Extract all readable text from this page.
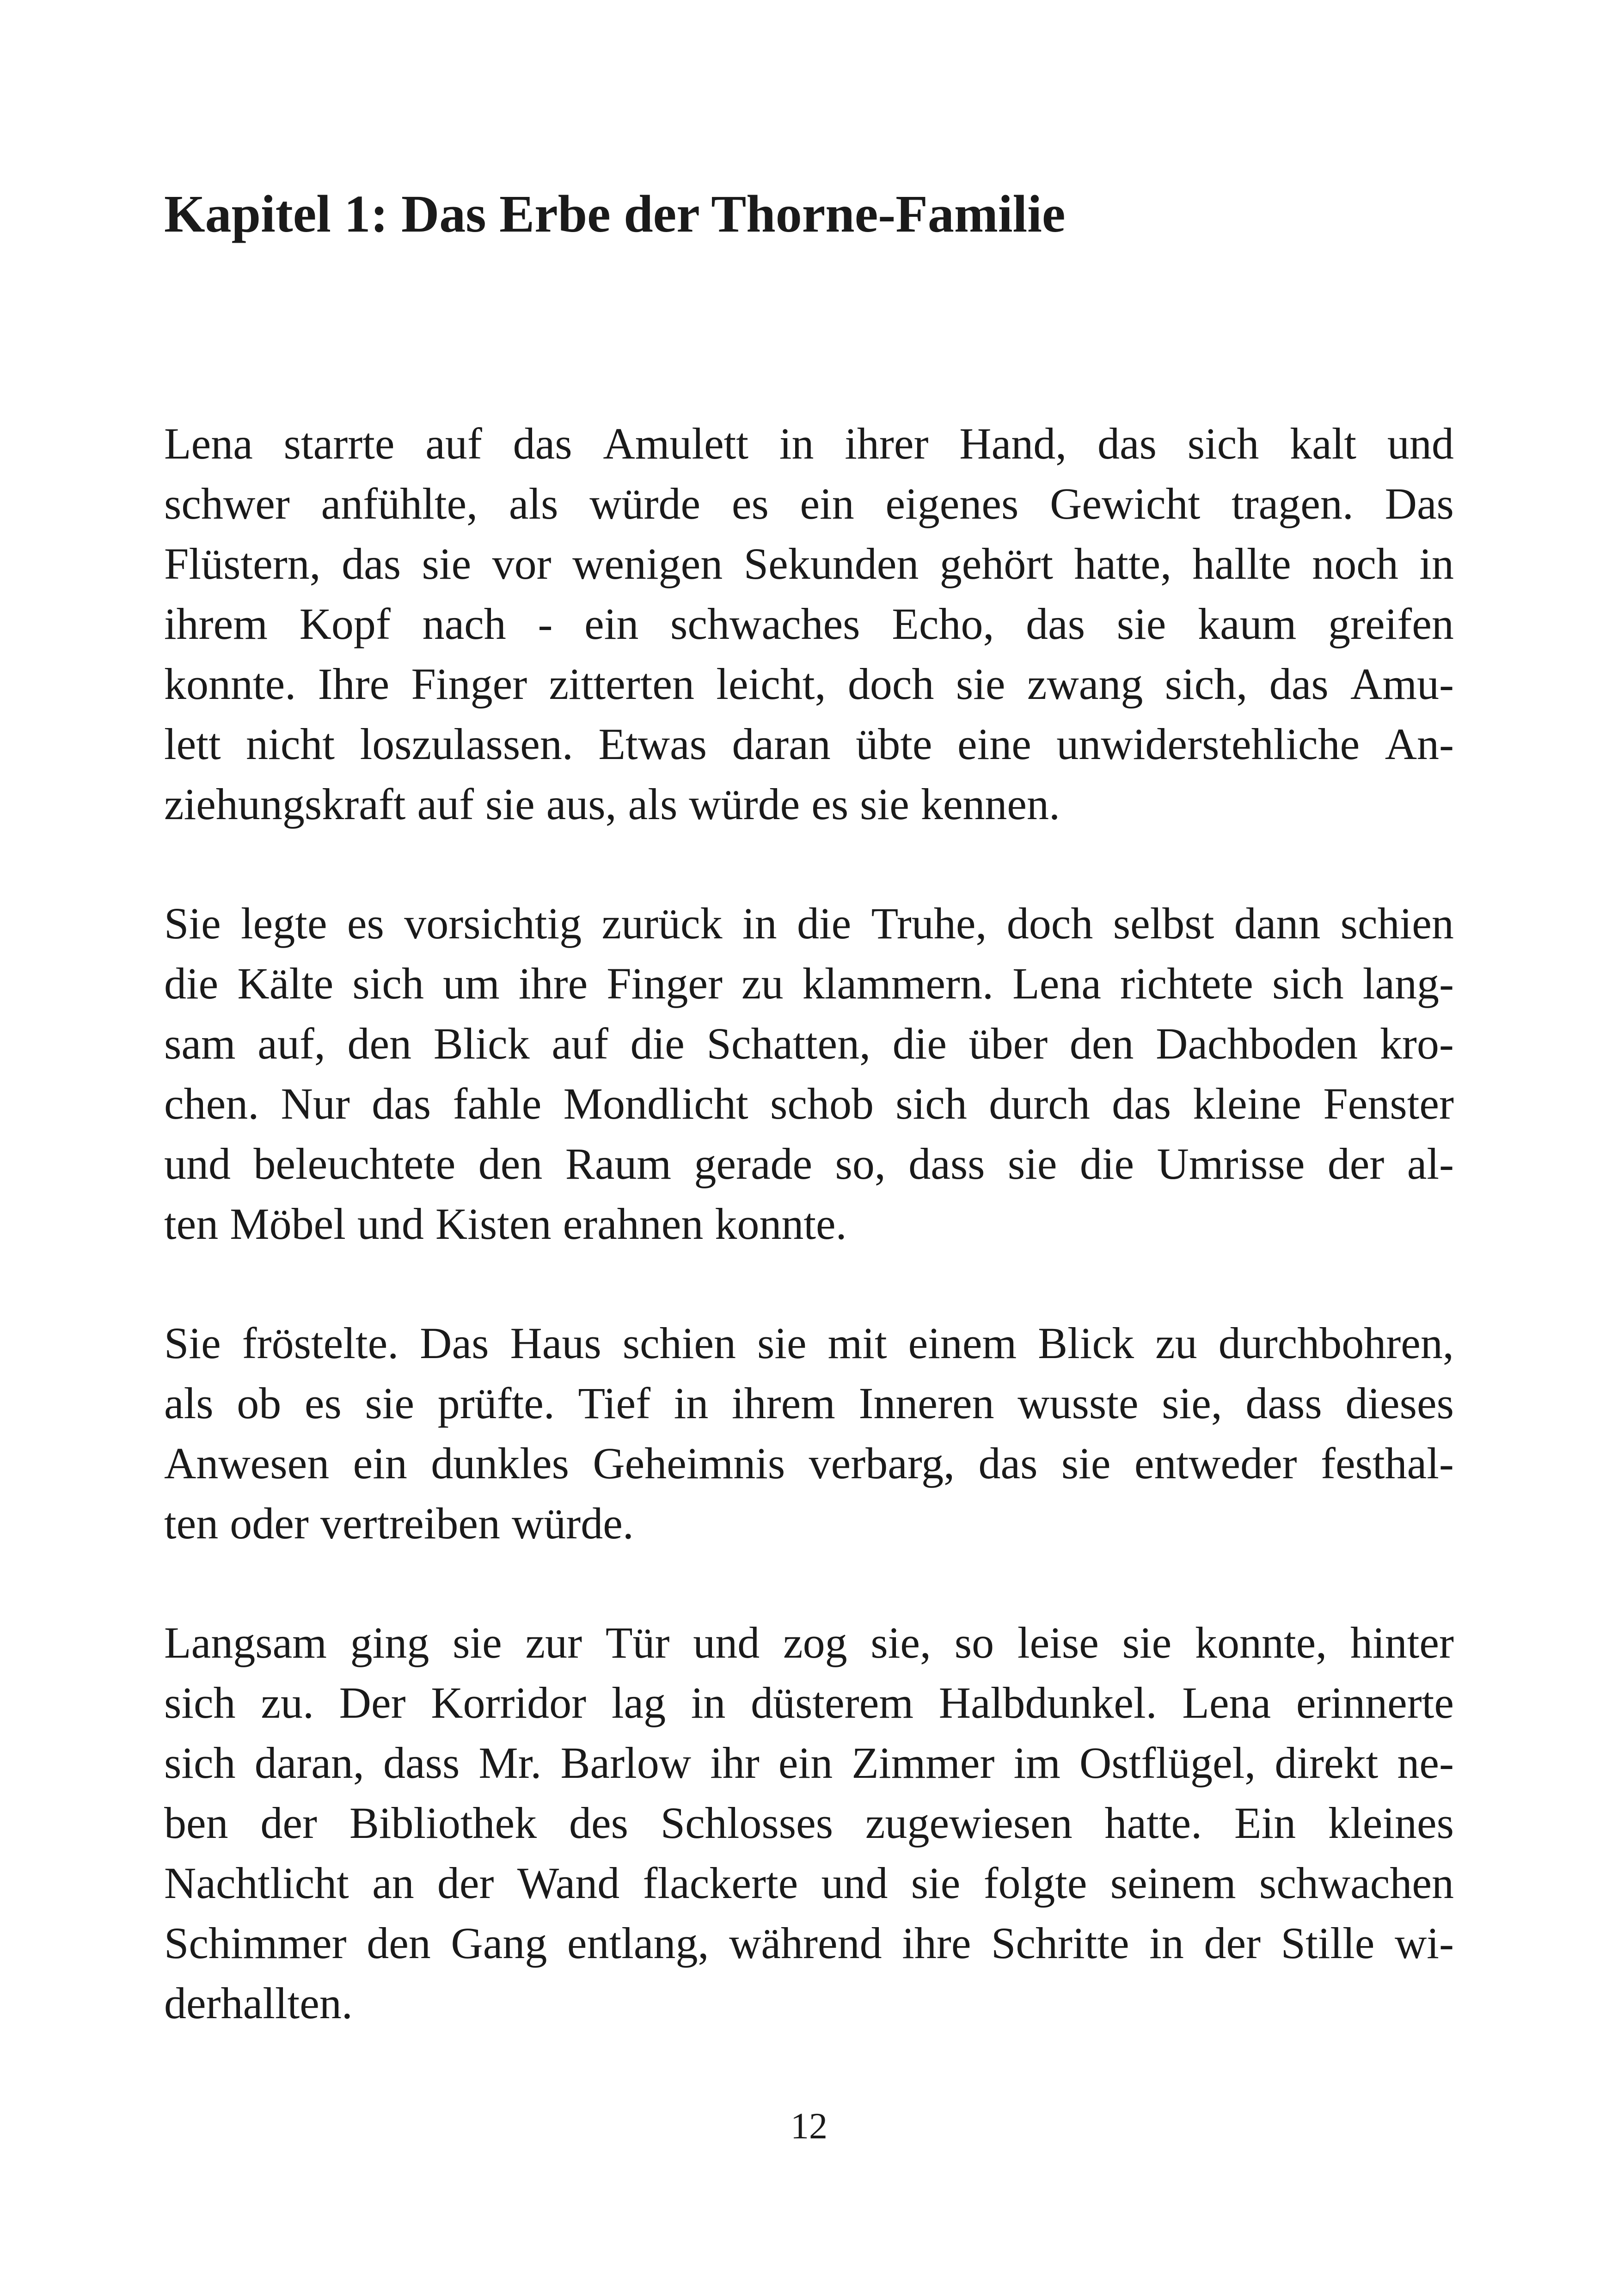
Kapitel 1: Das Erbe der Thorne-Familie
Lena starrte auf das Amulett in ihrer Hand, das sich kalt und
schwer anfühlte, als würde es ein eigenes Gewicht tragen. Das
Flüstern, das sie vor wenigen Sekunden gehört hatte, hallte noch in
ihrem Kopf nach - ein schwaches Echo, das sie kaum greifen
konnte. Ihre Finger zitterten leicht, doch sie zwang sich, das Amu-
lett nicht loszulassen. Etwas daran übte eine unwiderstehliche An-
ziehungskraft auf sie aus, als würde es sie kennen.
Sie legte es vorsichtig zurück in die Truhe, doch selbst dann schien
die Kälte sich um ihre Finger zu klammern. Lena richtete sich lang-
sam auf, den Blick auf die Schatten, die über den Dachboden kro-
chen. Nur das fahle Mondlicht schob sich durch das kleine Fenster
und beleuchtete den Raum gerade so, dass sie die Umrisse der al-
ten Möbel und Kisten erahnen konnte.
Sie fröstelte. Das Haus schien sie mit einem Blick zu durchbohren,
als ob es sie prüfte. Tief in ihrem Inneren wusste sie, dass dieses
Anwesen ein dunkles Geheimnis verbarg, das sie entweder festhal-
ten oder vertreiben würde.
Langsam ging sie zur Tür und zog sie, so leise sie konnte, hinter
sich zu. Der Korridor lag in düsterem Halbdunkel. Lena erinnerte
sich daran, dass Mr. Barlow ihr ein Zimmer im Ostflügel, direkt ne-
ben der Bibliothek des Schlosses zugewiesen hatte. Ein kleines
Nachtlicht an der Wand flackerte und sie folgte seinem schwachen
Schimmer den Gang entlang, während ihre Schritte in der Stille wi-
derhallten.
12
